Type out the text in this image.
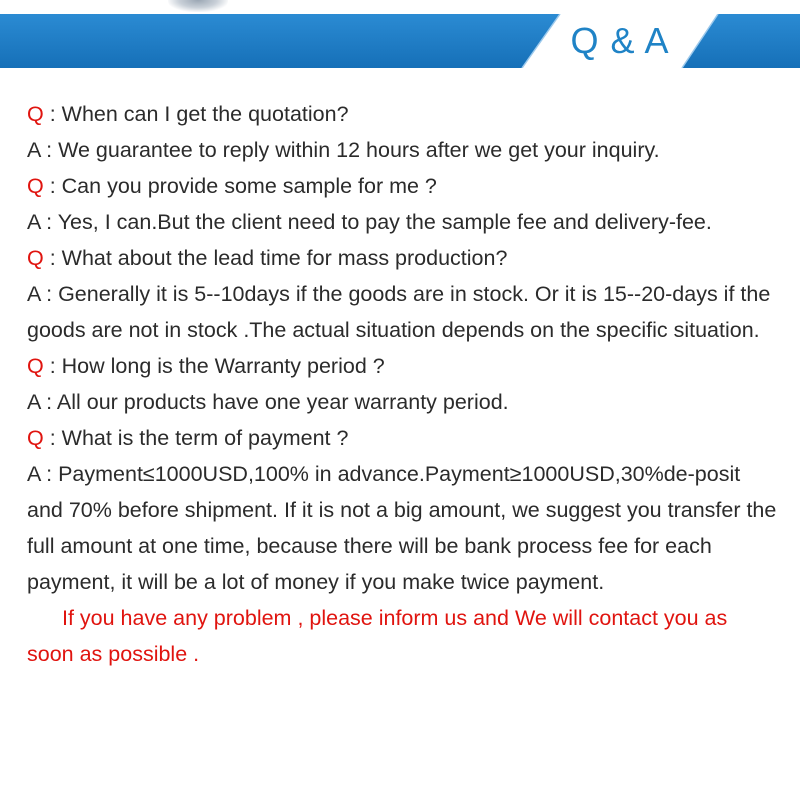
Q & A
Q : When can I get the quotation?
A : We guarantee to reply within 12 hours after we get your inquiry.
Q : Can you provide some sample for me ?
A : Yes, I can.But the client need to pay the sample fee and delivery-fee.
Q : What about the lead time for mass production?
A : Generally it is 5--10days if the goods are in stock. Or it is 15--20-days if the goods are not in stock .The actual situation depends on the specific situation.
Q : How long is the Warranty period ?
A : All our products have one year warranty period.
Q : What is the term of payment ?
A : Payment≤1000USD,100% in advance.Payment≥1000USD,30%de-posit and 70% before shipment. If it is not a big amount, we suggest you transfer the full amount at one time, because there will be bank process fee for each payment, it will be a lot of money if you make twice payment.
If you have any problem , please inform us and We will contact you as soon as possible .
